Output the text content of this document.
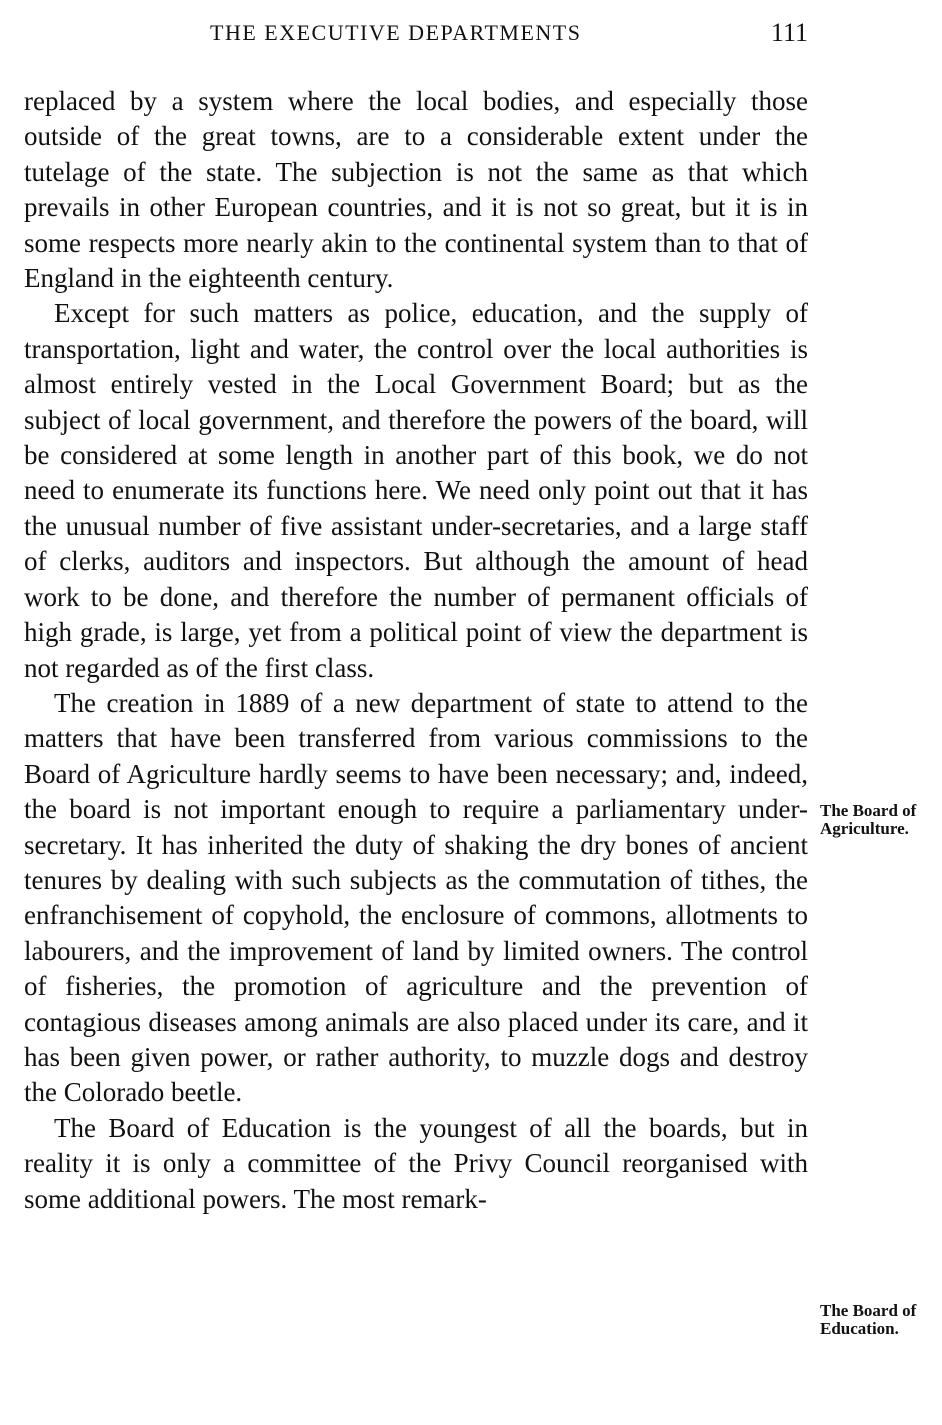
THE EXECUTIVE DEPARTMENTS	111

replaced by a system where the local bodies, and especially those outside of the great towns, are to a considerable extent under the tutelage of the state. The subjection is not the same as that which prevails in other European countries, and it is not so great, but it is in some respects more nearly akin to the continental system than to that of England in the eighteenth century.

Except for such matters as police, education, and the supply of transportation, light and water, the control over the local authorities is almost entirely vested in the Local Government Board; but as the subject of local government, and therefore the powers of the board, will be considered at some length in another part of this book, we do not need to enumerate its functions here. We need only point out that it has the unusual number of five assistant under-secretaries, and a large staff of clerks, auditors and inspectors. But although the amount of head work to be done, and therefore the number of permanent officials of high grade, is large, yet from a political point of view the department is not regarded as of the first class.

The creation in 1889 of a new department of state to attend to the matters that have been transferred from various commissions to the Board of Agriculture hardly seems to have been necessary; and, indeed, the board is not important enough to require a parliamentary under-secretary. It has inherited the duty of shaking the dry bones of ancient tenures by dealing with such subjects as the commutation of tithes, the enfranchisement of copyhold, the enclosure of commons, allotments to labourers, and the improvement of land by limited owners. The control of fisheries, the promotion of agriculture and the prevention of contagious diseases among animals are also placed under its care, and it has been given power, or rather authority, to muzzle dogs and destroy the Colorado beetle.

The Board of Education is the youngest of all the boards, but in reality it is only a committee of the Privy Council reorganised with some additional powers. The most remark-

The Board of Agriculture.
The Board of Education.
